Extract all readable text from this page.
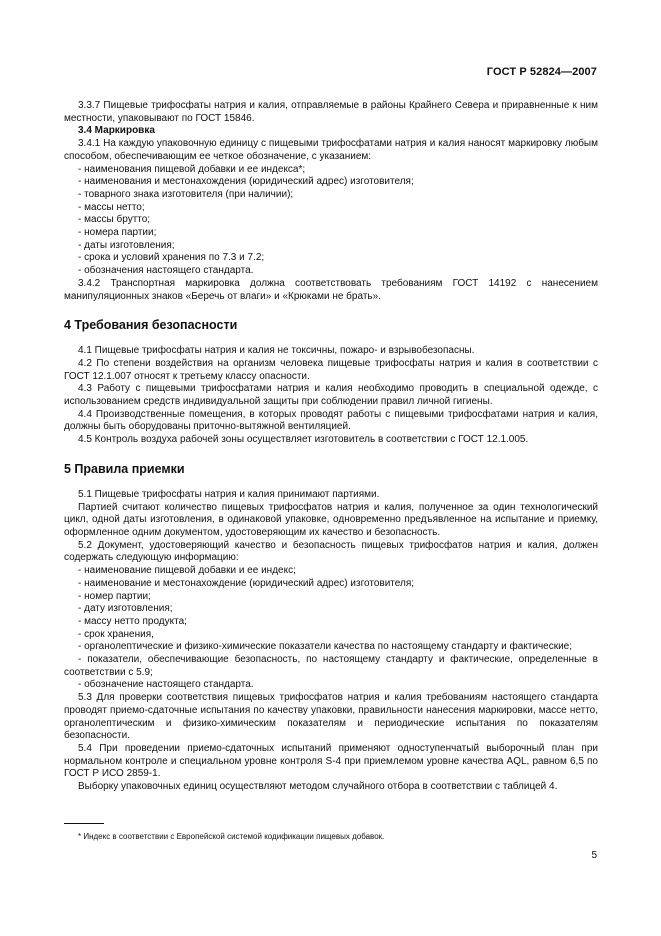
ГОСТ Р 52824—2007

3.3.7 Пищевые трифосфаты натрия и калия, отправляемые в районы Крайнего Севера и приравненные к ним местности, упаковывают по ГОСТ 15846.

3.4 Маркировка

3.4.1 На каждую упаковочную единицу с пищевыми трифосфатами натрия и калия наносят маркировку любым способом, обеспечивающим ее четкое обозначение, с указанием:

- наименования пищевой добавки и ее индекса*;

- наименования и местонахождения (юридический адрес) изготовителя;

- товарного знака изготовителя (при наличии);

- массы нетто;

- массы брутто;

- номера партии;

- даты изготовления;

- срока и условий хранения по 7.3 и 7.2;

- обозначения настоящего стандарта.

3.4.2 Транспортная маркировка должна соответствовать требованиям ГОСТ 14192 с нанесением манипуляционных знаков «Беречь от влаги» и «Крюками не брать».

4 Требования безопасности

4.1 Пищевые трифосфаты натрия и калия не токсичны, пожаро- и взрывобезопасны.

4.2 По степени воздействия на организм человека пищевые трифосфаты натрия и калия в соответствии с ГОСТ 12.1.007 относят к третьему классу опасности.

4.3 Работу с пищевыми трифосфатами натрия и калия необходимо проводить в специальной одежде, с использованием средств индивидуальной защиты при соблюдении правил личной гигиены.

4.4 Производственные помещения, в которых проводят работы с пищевыми трифосфатами натрия и калия, должны быть оборудованы приточно-вытяжной вентиляцией.

4.5 Контроль воздуха рабочей зоны осуществляет изготовитель в соответствии с ГОСТ 12.1.005.

5 Правила приемки

5.1 Пищевые трифосфаты натрия и калия принимают партиями.

Партией считают количество пищевых трифосфатов натрия и калия, полученное за один технологический цикл, одной даты изготовления, в одинаковой упаковке, одновременно предъявленное на испытание и приемку, оформленное одним документом, удостоверяющим их качество и безопасность.

5.2 Документ, удостоверяющий качество и безопасность пищевых трифосфатов натрия и калия, должен содержать следующую информацию:

- наименование пищевой добавки и ее индекс;

- наименование и местонахождение (юридический адрес) изготовителя;

- номер партии;

- дату изготовления;

- массу нетто продукта;

- срок хранения,

- органолептические и физико-химические показатели качества по настоящему стандарту и фактические;

- показатели, обеспечивающие безопасность, по настоящему стандарту и фактические, определенные в соответствии с 5.9;

- обозначение настоящего стандарта.

5.3 Для проверки соответствия пищевых трифосфатов натрия и калия требованиям настоящего стандарта проводят приемо-сдаточные испытания по качеству упаковки, правильности нанесения маркировки, массе нетто, органолептическим и физико-химическим показателям и периодические испытания по показателям безопасности.

5.4 При проведении приемо-сдаточных испытаний применяют одноступенчатый выборочный план при нормальном контроле и специальном уровне контроля S-4 при приемлемом уровне качества AQL, равном 6,5 по ГОСТ Р ИСО 2859-1.

Выборку упаковочных единиц осуществляют методом случайного отбора в соответствии с таблицей 4.

* Индекс в соответствии с Европейской системой кодификации пищевых добавок.
5
